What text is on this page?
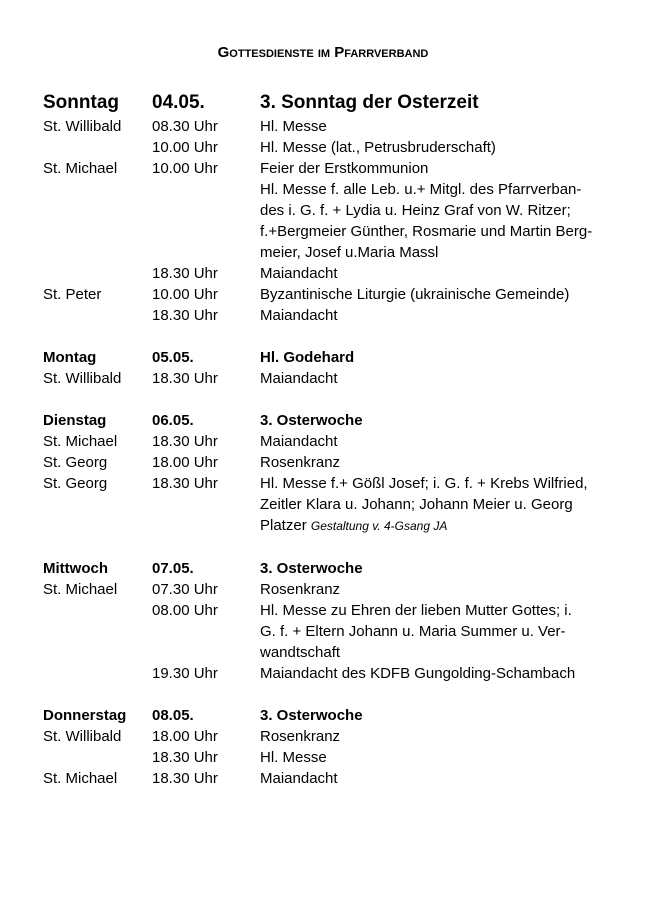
Gottesdienste im Pfarrverband
Sonntag	04.05.	3. Sonntag der Osterzeit
St. Willibald	08.30 Uhr	Hl. Messe
10.00 Uhr	Hl. Messe (lat., Petrusbruderschaft)
St. Michael	10.00 Uhr	Feier der Erstkommunion
Hl. Messe f. alle Leb. u.+ Mitgl. des Pfarrverban-
des i. G. f. + Lydia u. Heinz Graf von W. Ritzer;
f.+Bergmeier Günther, Rosmarie und Martin Berg-
meier, Josef u.Maria Massl
18.30 Uhr	Maiandacht
St. Peter	10.00 Uhr	Byzantinische Liturgie (ukrainische Gemeinde)
18.30 Uhr	Maiandacht
Montag	05.05.	Hl. Godehard
St. Willibald	18.30 Uhr	Maiandacht
Dienstag	06.05.	3. Osterwoche
St. Michael	18.30 Uhr	Maiandacht
St. Georg	18.00 Uhr	Rosenkranz
St. Georg	18.30 Uhr	Hl. Messe f.+ Gößl Josef; i. G. f. + Krebs Wilfried,
Zeitler Klara u. Johann; Johann Meier u. Georg
Platzer Gestaltung v. 4-Gsang JA
Mittwoch	07.05.	3. Osterwoche
St. Michael	07.30 Uhr	Rosenkranz
08.00 Uhr	Hl. Messe zu Ehren der lieben Mutter Gottes; i.
G. f. + Eltern Johann u. Maria Summer u. Ver-
wandtschaft
19.30 Uhr	Maiandacht des KDFB Gungolding-Schambach
Donnerstag	08.05.	3. Osterwoche
St. Willibald	18.00 Uhr	Rosenkranz
18.30 Uhr	Hl. Messe
St. Michael	18.30 Uhr	Maiandacht
